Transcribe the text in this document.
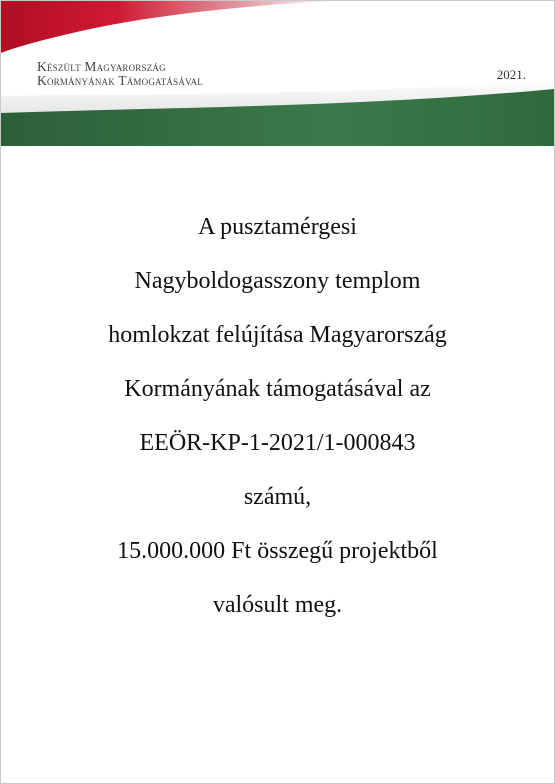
Készült Magyarország
Kormányának Támogatásával	2021.
A pusztamérgesi
Nagyboldogasszony templom
homlokzat felújítása Magyarország
Kormányának támogatásával az
EEÖR-KP-1-2021/1-000843
számú,
15.000.000 Ft összegű projektből
valósult meg.
